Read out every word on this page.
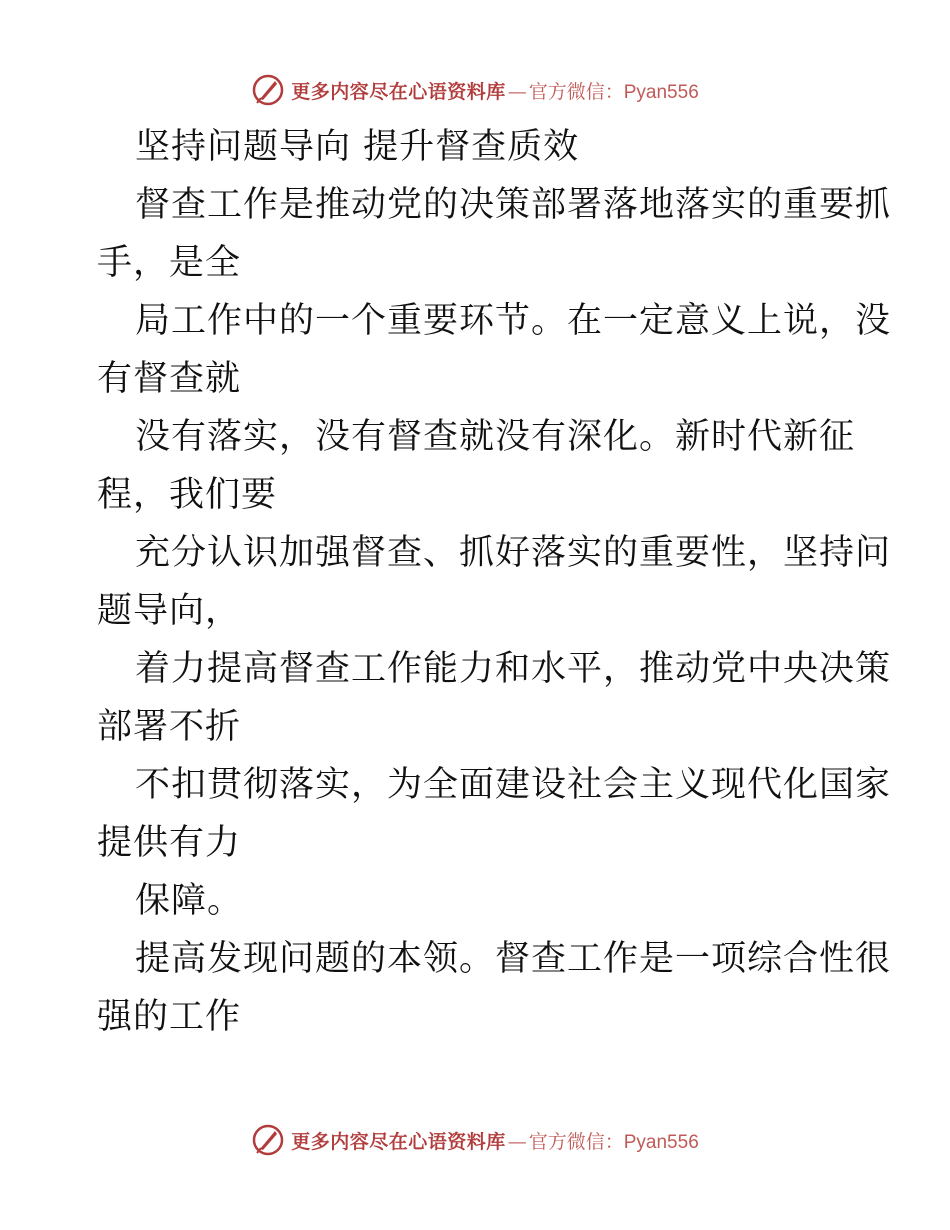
更多内容尽在心语资料库 — 官方微信： Pyan556
坚持问题导向 提升督查质效
督查工作是推动党的决策部署落地落实的重要抓
手，是全
局工作中的一个重要环节。在一定意义上说，没
有督查就
没有落实，没有督查就没有深化。新时代新征
程，我们要
充分认识加强督查、抓好落实的重要性，坚持问
题导向，
着力提高督查工作能力和水平，推动党中央决策
部署不折
不扣贯彻落实，为全面建设社会主义现代化国家
提供有力
保障。
提高发现问题的本领。督查工作是一项综合性很
强的工作
更多内容尽在心语资料库 — 官方微信： Pyan556
